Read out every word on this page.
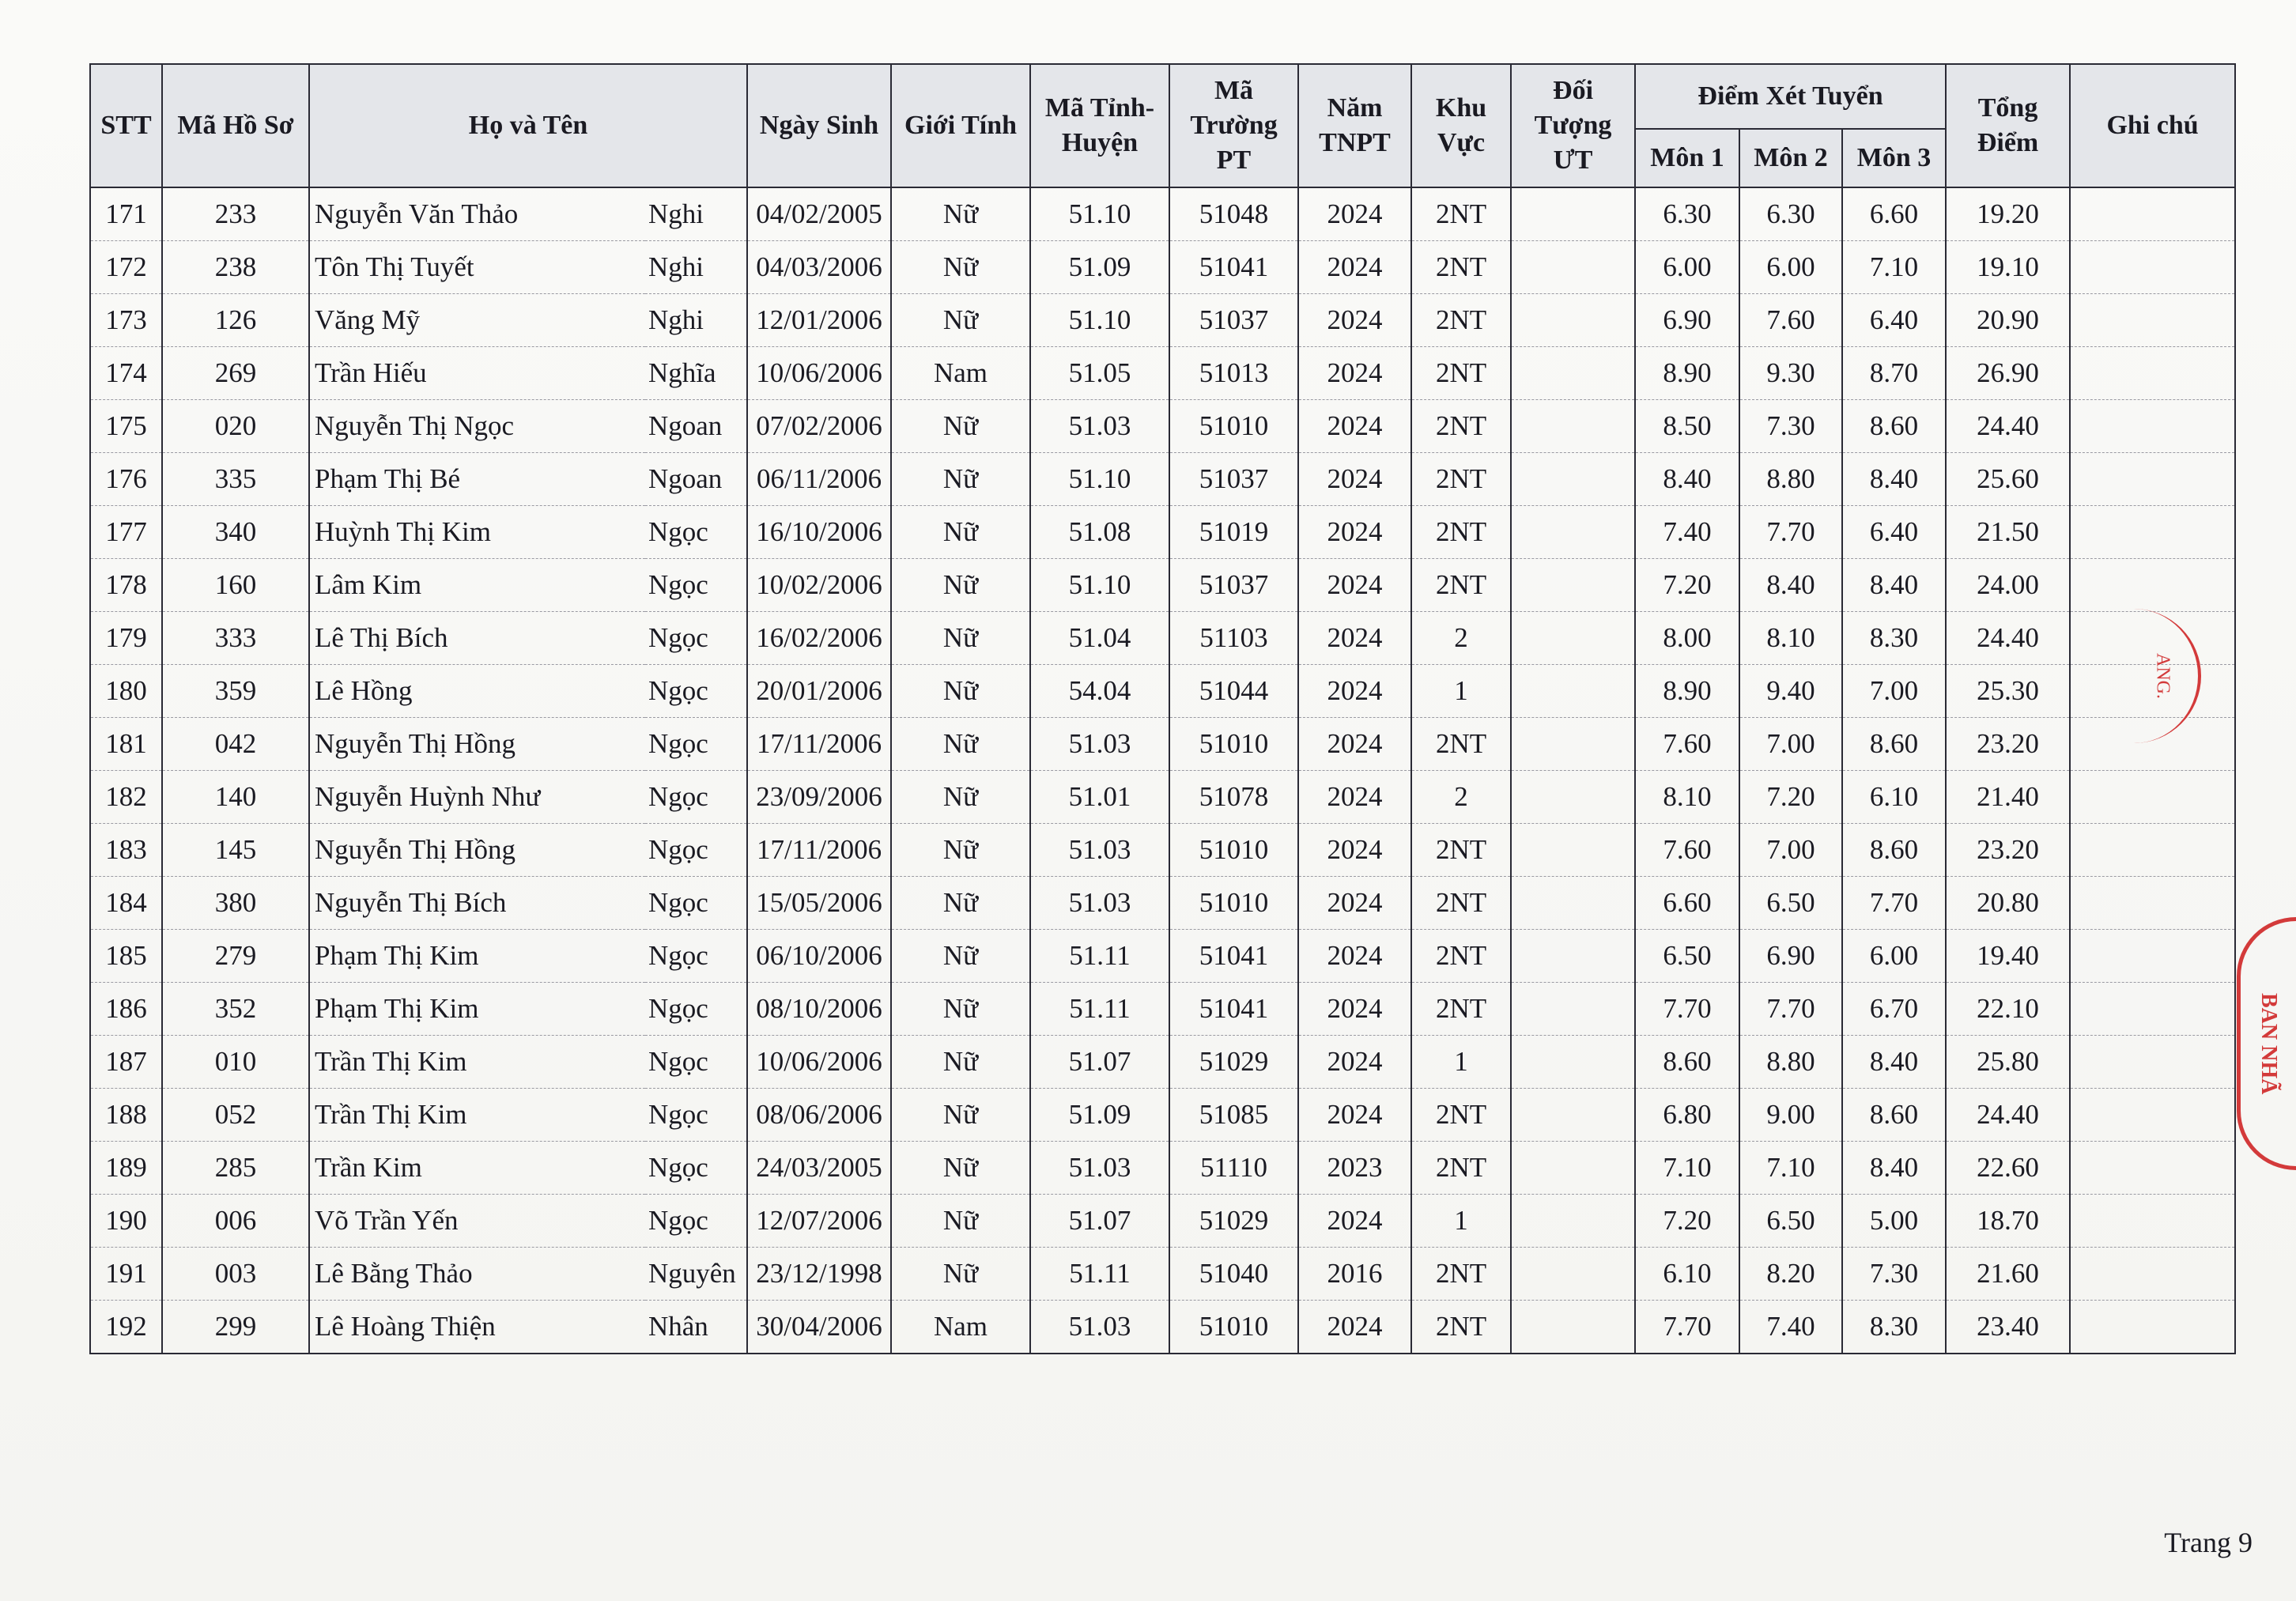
STT	Mã Hồ Sơ	Họ và Tên		Ngày Sinh	Giới Tính	Mã Tỉnh-Huyện	Mã Trường PT	Năm TNPT	Khu Vực	Đối Tượng ƯT	Điểm Xét Tuyển			Tổng Điểm	Ghi chú
											Môn 1	Môn 2	Môn 3		
171	233	Nguyễn Văn Thảo	Nghi	04/02/2005	Nữ	51.10	51048	2024	2NT		6.30	6.30	6.60	19.20	
172	238	Tôn Thị Tuyết	Nghi	04/03/2006	Nữ	51.09	51041	2024	2NT		6.00	6.00	7.10	19.10	
173	126	Văng Mỹ	Nghi	12/01/2006	Nữ	51.10	51037	2024	2NT		6.90	7.60	6.40	20.90	
174	269	Trần Hiếu	Nghĩa	10/06/2006	Nam	51.05	51013	2024	2NT		8.90	9.30	8.70	26.90	
175	020	Nguyễn Thị Ngọc	Ngoan	07/02/2006	Nữ	51.03	51010	2024	2NT		8.50	7.30	8.60	24.40	
176	335	Phạm Thị Bé	Ngoan	06/11/2006	Nữ	51.10	51037	2024	2NT		8.40	8.80	8.40	25.60	
177	340	Huỳnh Thị Kim	Ngọc	16/10/2006	Nữ	51.08	51019	2024	2NT		7.40	7.70	6.40	21.50	
178	160	Lâm Kim	Ngọc	10/02/2006	Nữ	51.10	51037	2024	2NT		7.20	8.40	8.40	24.00	
179	333	Lê Thị Bích	Ngọc	16/02/2006	Nữ	51.04	51103	2024	2		8.00	8.10	8.30	24.40	
180	359	Lê Hồng	Ngọc	20/01/2006	Nữ	54.04	51044	2024	1		8.90	9.40	7.00	25.30	
181	042	Nguyễn Thị Hồng	Ngọc	17/11/2006	Nữ	51.03	51010	2024	2NT		7.60	7.00	8.60	23.20	
182	140	Nguyễn Huỳnh Như	Ngọc	23/09/2006	Nữ	51.01	51078	2024	2		8.10	7.20	6.10	21.40	
183	145	Nguyễn Thị Hồng	Ngọc	17/11/2006	Nữ	51.03	51010	2024	2NT		7.60	7.00	8.60	23.20	
184	380	Nguyễn Thị Bích	Ngọc	15/05/2006	Nữ	51.03	51010	2024	2NT		6.60	6.50	7.70	20.80	
185	279	Phạm Thị Kim	Ngọc	06/10/2006	Nữ	51.11	51041	2024	2NT		6.50	6.90	6.00	19.40	
186	352	Phạm Thị Kim	Ngọc	08/10/2006	Nữ	51.11	51041	2024	2NT		7.70	7.70	6.70	22.10	
187	010	Trần Thị Kim	Ngọc	10/06/2006	Nữ	51.07	51029	2024	1		8.60	8.80	8.40	25.80	
188	052	Trần Thị Kim	Ngọc	08/06/2006	Nữ	51.09	51085	2024	2NT		6.80	9.00	8.60	24.40	
189	285	Trần Kim	Ngọc	24/03/2005	Nữ	51.03	51110	2023	2NT		7.10	7.10	8.40	22.60	
190	006	Võ Trần Yến	Ngọc	12/07/2006	Nữ	51.07	51029	2024	1		7.20	6.50	5.00	18.70	
191	003	Lê Bằng Thảo	Nguyên	23/12/1998	Nữ	51.11	51040	2016	2NT		6.10	8.20	7.30	21.60	
192	299	Lê Hoàng Thiện	Nhân	30/04/2006	Nam	51.03	51010	2024	2NT		7.70	7.40	8.30	23.40	
ANG.
BAN NHÃ
Trang 9
